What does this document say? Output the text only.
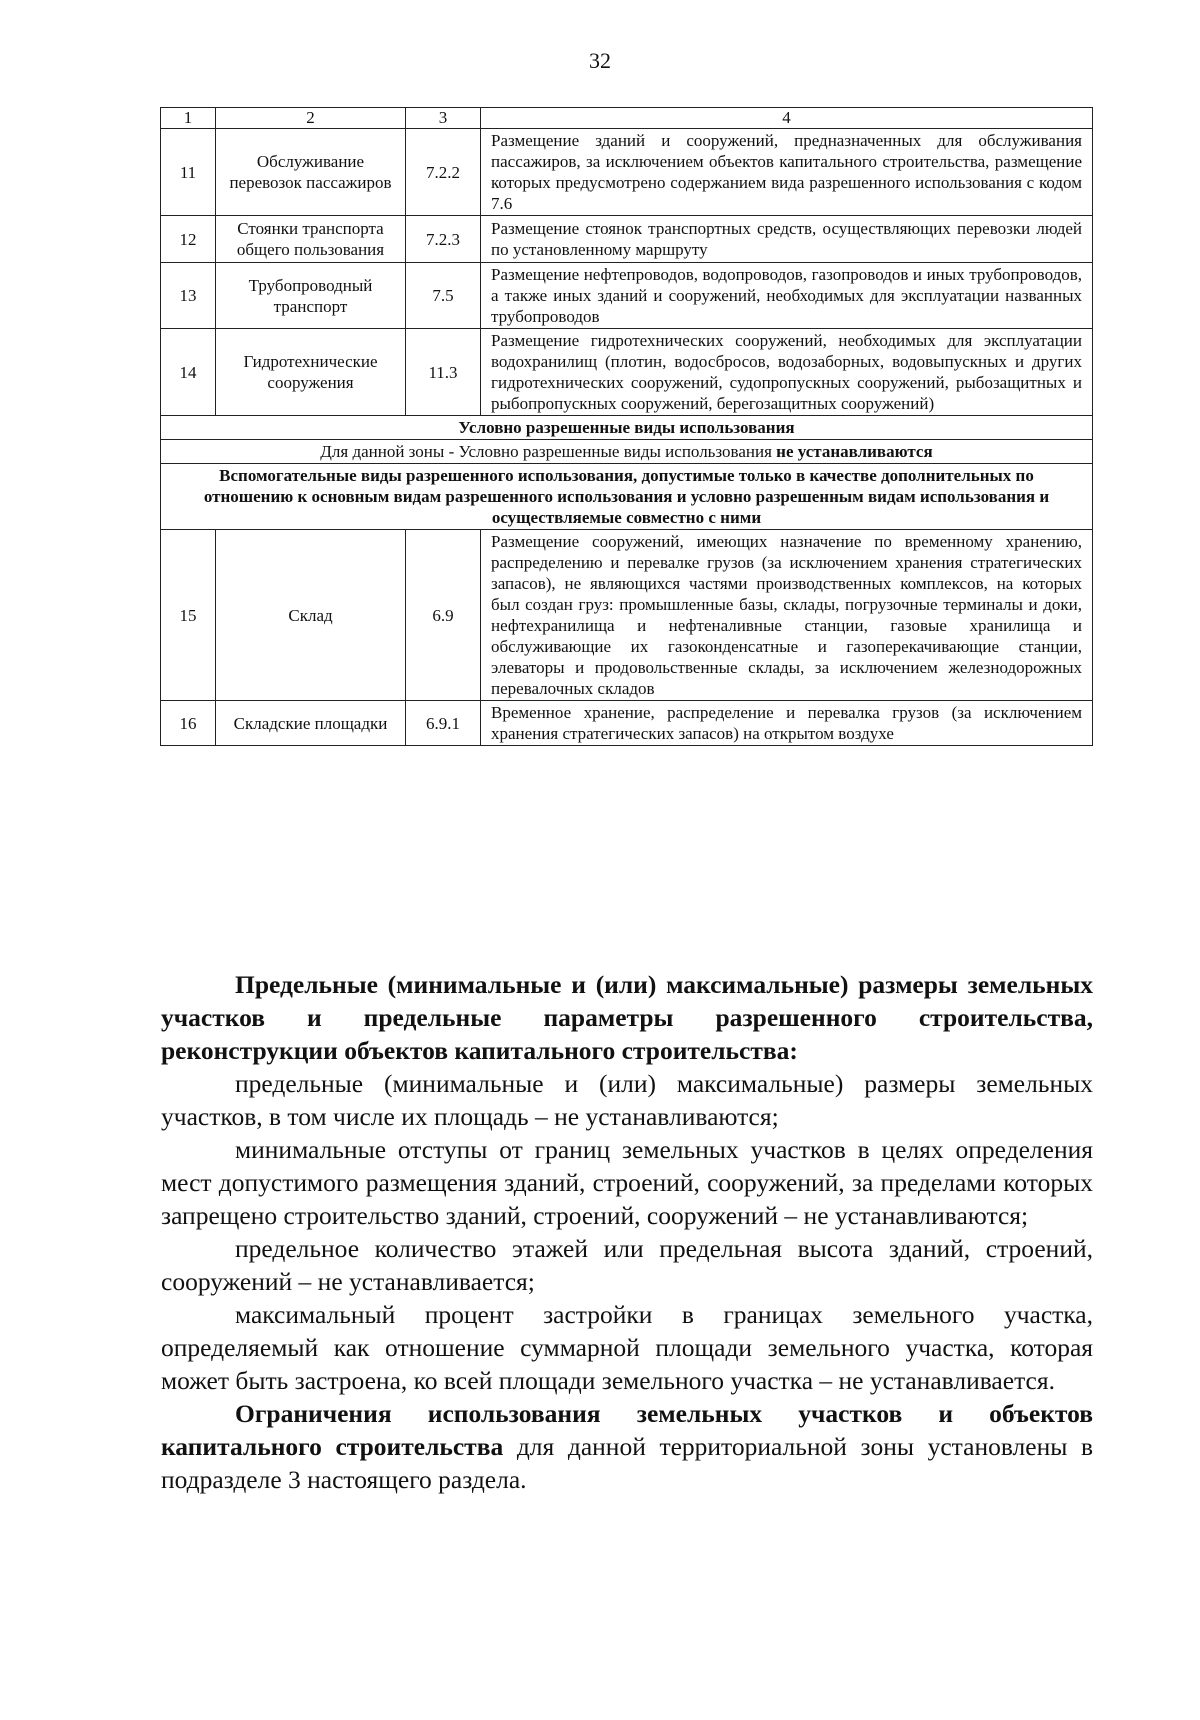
32
1	2	3	4
11	Обслуживание перевозок пассажиров	7.2.2	Размещение зданий и сооружений, предназначенных для обслуживания пассажиров, за исключением объектов капитального строительства, размещение которых предусмотрено содержанием вида разрешенного использования с кодом 7.6
12	Стоянки транспорта общего пользования	7.2.3	Размещение стоянок транспортных средств, осуществляющих перевозки людей по установленному маршруту
13	Трубопроводный транспорт	7.5	Размещение нефтепроводов, водопроводов, газопроводов и иных трубопроводов, а также иных зданий и сооружений, необходимых для эксплуатации названных трубопроводов
14	Гидротехнические сооружения	11.3	Размещение гидротехнических сооружений, необходимых для эксплуатации водохранилищ (плотин, водосбросов, водозаборных, водовыпускных и других гидротехнических сооружений, судопропускных сооружений, рыбозащитных и рыбопропускных сооружений, берегозащитных сооружений)
Условно разрешенные виды использования			
Для данной зоны - Условно разрешенные виды использования не устанавливаются			
Вспомогательные виды разрешенного использования, допустимые только в качестве дополнительных по отношению к основным видам разрешенного использования и условно разрешенным видам использования и осуществляемые совместно с ними			
15	Склад	6.9	Размещение сооружений, имеющих назначение по временному хранению, распределению и перевалке грузов (за исключением хранения стратегических запасов), не являющихся частями производственных комплексов, на которых был создан груз: промышленные базы, склады, погрузочные терминалы и доки, нефтехранилища и нефтеналивные станции, газовые хранилища и обслуживающие их газоконденсатные и газоперекачивающие станции, элеваторы и продовольственные склады, за исключением железнодорожных перевалочных складов
16	Складские площадки	6.9.1	Временное хранение, распределение и перевалка грузов (за исключением хранения стратегических запасов) на открытом воздухе

Предельные (минимальные и (или) максимальные) размеры земельных участков и предельные параметры разрешенного строительства, реконструкции объектов капитального строительства:

предельные (минимальные и (или) максимальные) размеры земельных участков, в том числе их площадь – не устанавливаются;

минимальные отступы от границ земельных участков в целях определения мест допустимого размещения зданий, строений, сооружений, за пределами которых запрещено строительство зданий, строений, сооружений – не устанавливаются;

предельное количество этажей или предельная высота зданий, строений, сооружений – не устанавливается;

максимальный процент застройки в границах земельного участка, определяемый как отношение суммарной площади земельного участка, которая может быть застроена, ко всей площади земельного участка – не устанавливается.

Ограничения использования земельных участков и объектов капитального строительства для данной территориальной зоны установлены в подразделе 3 настоящего раздела.
